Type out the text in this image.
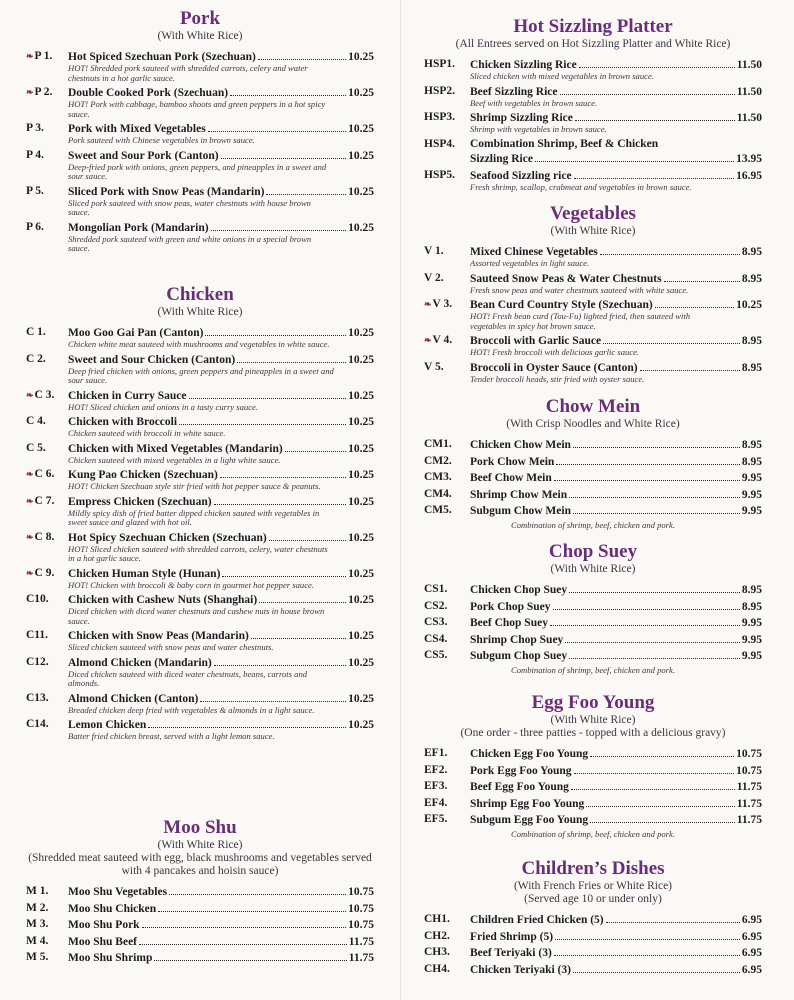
Pork
(With White Rice)
❧P 1. Hot Spiced Szechuan Pork (Szechuan)	10.25
HOT! Shredded pork sauteed with shredded carrots, celery and water chestnuts in a hot garlic sauce.
❧P 2. Double Cooked Pork (Szechuan)	10.25
HOT! Pork with cabbage, bamboo shoots and green peppers in a hot spicy sauce.
P 3. Pork with Mixed Vegetables	10.25
Pork sauteed with Chinese vegetables in brown sauce.
P 4. Sweet and Sour Pork (Canton)	10.25
Deep-fried pork with onions, green peppers, and pineapples in a sweet and sour sauce.
P 5. Sliced Pork with Snow Peas (Mandarin)	10.25
Sliced pork sauteed with snow peas, water chestnuts with house brown sauce.
P 6. Mongolian Pork (Mandarin)	10.25
Shredded pork sauteed with green and white onions in a special brown sauce.
Chicken
(With White Rice)
C 1. Moo Goo Gai Pan (Canton)	10.25
Chicken white meat sauteed with mushrooms and vegetables in white sauce.
C 2. Sweet and Sour Chicken (Canton)	10.25
Deep fried chicken with onions, green peppers and pineapples in a sweet and sour sauce.
❧C 3. Chicken in Curry Sauce	10.25
HOT! Sliced chicken and onions in a tasty curry sauce.
C 4. Chicken with Broccoli	10.25
Chicken sauteed with broccoli in white sauce.
C 5. Chicken with Mixed Vegetables (Mandarin)	10.25
Chicken sauteed with mixed vegetables in a light white sauce.
❧C 6. Kung Pao Chicken (Szechuan)	10.25
HOT! Chicken Szechuan style stir fried with hot pepper sauce & peanuts.
❧C 7. Empress Chicken (Szechuan)	10.25
Mildly spicy dish of fried batter dipped chicken sauted with vegetables in sweet sauce and glazed with hot oil.
❧C 8. Hot Spicy Szechuan Chicken (Szechuan)	10.25
HOT! Sliced chicken sauteed with shredded carrots, celery, water chestnuts in a hot garlic sauce.
❧C 9. Chicken Human Style (Hunan)	10.25
HOT! Chicken with broccoli & baby corn in gourmet hot pepper sauce.
C10. Chicken with Cashew Nuts (Shanghai)	10.25
Diced chicken with diced water chestnuts and cashew nuts in house brown sauce.
C11. Chicken with Snow Peas (Mandarin)	10.25
Sliced chicken sauteed with snow peas and water chestnuts.
C12. Almond Chicken (Mandarin)	10.25
Diced chicken sauteed with diced water chestnuts, beans, carrots and almonds.
C13. Almond Chicken (Canton)	10.25
Breaded chicken deep fried with vegetables & almonds in a light sauce.
C14. Lemon Chicken	10.25
Batter fried chicken breast, served with a light lemon sauce.
Moo Shu
(With White Rice)
(Shredded meat sauteed with egg, black mushrooms and vegetables served with 4 pancakes and hoisin sauce)
M 1. Moo Shu Vegetables	10.75
M 2. Moo Shu Chicken	10.75
M 3. Moo Shu Pork	10.75
M 4. Moo Shu Beef	11.75
M 5. Moo Shu Shrimp	11.75
Hot Sizzling Platter
(All Entrees served on Hot Sizzling Platter and White Rice)
HSP1. Chicken Sizzling Rice	11.50
Sliced chicken with mixed vegetables in brown sauce.
HSP2. Beef Sizzling Rice	11.50
Beef with vegetables in brown sauce.
HSP3. Shrimp Sizzling Rice	11.50
Shrimp with vegetables in brown sauce.
HSP4. Combination Shrimp, Beef & Chicken
Sizzling Rice	13.95
HSP5. Seafood Sizzling rice	16.95
Fresh shrimp, scallop, crabmeat and vegetables in brown sauce.
Vegetables
(With White Rice)
V 1. Mixed Chinese Vegetables	8.95
Assorted vegetables in light sauce.
V 2. Sauteed Snow Peas & Water Chestnuts	8.95
Fresh snow peas and water chestnuts sauteed with white sauce.
❧V 3. Bean Curd Country Style (Szechuan)	10.25
HOT! Fresh bean curd (Tou-Fu) lighted fried, then sauteed with vegetables in spicy hot brown sauce.
❧V 4. Broccoli with Garlic Sauce	8.95
HOT! Fresh broccoli with delicious garlic sauce.
V 5. Broccoli in Oyster Sauce (Canton)	8.95
Tender broccoli heads, stir fried with oyster sauce.
Chow Mein
(With Crisp Noodles and White Rice)
CM1. Chicken Chow Mein	8.95
CM2. Pork Chow Mein	8.95
CM3. Beef Chow Mein	9.95
CM4. Shrimp Chow Mein	9.95
CM5. Subgum Chow Mein	9.95
Combination of shrimp, beef, chicken and pork.
Chop Suey
(With White Rice)
CS1. Chicken Chop Suey	8.95
CS2. Pork Chop Suey	8.95
CS3. Beef Chop Suey	9.95
CS4. Shrimp Chop Suey	9.95
CS5. Subgum Chop Suey	9.95
Combination of shrimp, beef, chicken and pork.
Egg Foo Young
(With White Rice)
(One order - three patties - topped with a delicious gravy)
EF1. Chicken Egg Foo Young	10.75
EF2. Pork Egg Foo Young	10.75
EF3. Beef Egg Foo Young	11.75
EF4. Shrimp Egg Foo Young	11.75
EF5. Subgum Egg Foo Young	11.75
Combination of shrimp, beef, chicken and pork.
Children’s Dishes
(With French Fries or White Rice)
(Served age 10 or under only)
CH1. Children Fried Chicken (5)	6.95
CH2. Fried Shrimp (5)	6.95
CH3. Beef Teriyaki (3)	6.95
CH4. Chicken Teriyaki (3)	6.95
